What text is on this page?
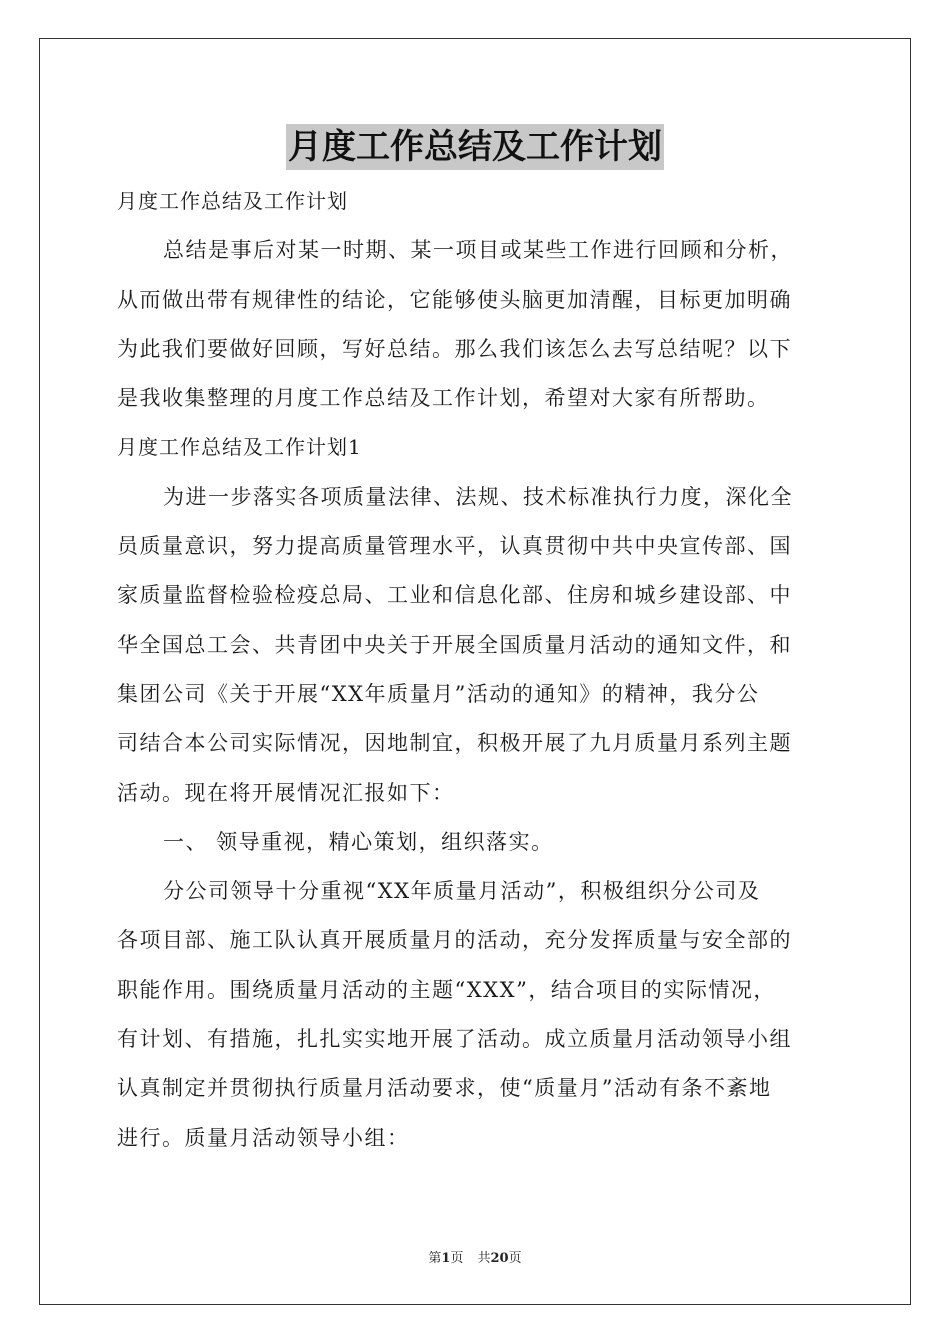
月度工作总结及工作计划

月度工作总结及工作计划

总结是事后对某一时期、某一项目或某些工作进行回顾和分析，

从而做出带有规律性的结论，它能够使头脑更加清醒，目标更加明确

为此我们要做好回顾，写好总结。那么我们该怎么去写总结呢？以下

是我收集整理的月度工作总结及工作计划，希望对大家有所帮助。

月度工作总结及工作计划1

为进一步落实各项质量法律、法规、技术标准执行力度，深化全

员质量意识，努力提高质量管理水平，认真贯彻中共中央宣传部、国

家质量监督检验检疫总局、工业和信息化部、住房和城乡建设部、中

华全国总工会、共青团中央关于开展全国质量月活动的通知文件，和

集团公司《关于开展“XX年质量月”活动的通知》的精神，我分公

司结合本公司实际情况，因地制宜，积极开展了九月质量月系列主题

活动。现在将开展情况汇报如下：

一、 领导重视，精心策划，组织落实。

分公司领导十分重视“XX年质量月活动”，积极组织分公司及

各项目部、施工队认真开展质量月的活动，充分发挥质量与安全部的

职能作用。围绕质量月活动的主题“XXX”，结合项目的实际情况，

有计划、有措施，扎扎实实地开展了活动。成立质量月活动领导小组

认真制定并贯彻执行质量月活动要求，使“质量月”活动有条不紊地

进行。质量月活动领导小组：

第1页 共20页
